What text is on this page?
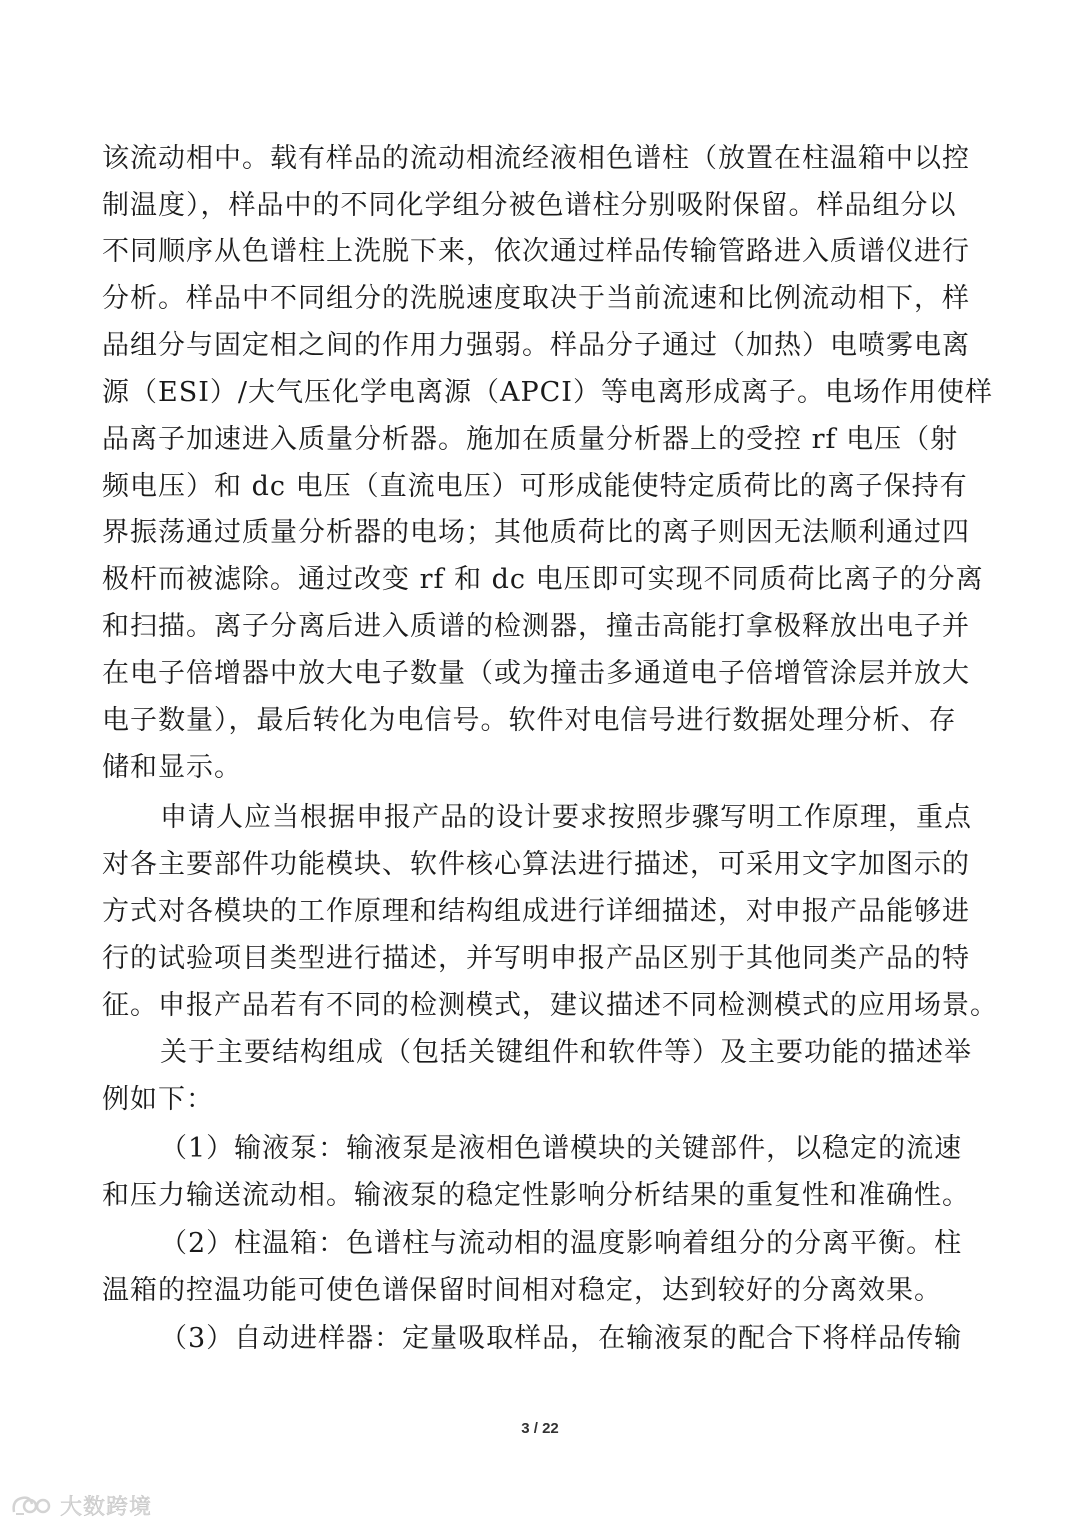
该流动相中。载有样品的流动相流经液相色谱柱（放置在柱温箱中以控
制温度），样品中的不同化学组分被色谱柱分别吸附保留。样品组分以
不同顺序从色谱柱上洗脱下来，依次通过样品传输管路进入质谱仪进行
分析。样品中不同组分的洗脱速度取决于当前流速和比例流动相下，样
品组分与固定相之间的作用力强弱。样品分子通过（加热）电喷雾电离
源（ESI）/大气压化学电离源（APCI）等电离形成离子。电场作用使样
品离子加速进入质量分析器。施加在质量分析器上的受控 rf 电压（射
频电压）和 dc 电压（直流电压）可形成能使特定质荷比的离子保持有
界振荡通过质量分析器的电场；其他质荷比的离子则因无法顺利通过四
极杆而被滤除。通过改变 rf 和 dc 电压即可实现不同质荷比离子的分离
和扫描。离子分离后进入质谱的检测器，撞击高能打拿极释放出电子并
在电子倍增器中放大电子数量（或为撞击多通道电子倍增管涂层并放大
电子数量），最后转化为电信号。软件对电信号进行数据处理分析、存
储和显示。
申请人应当根据申报产品的设计要求按照步骤写明工作原理，重点
对各主要部件功能模块、软件核心算法进行描述，可采用文字加图示的
方式对各模块的工作原理和结构组成进行详细描述，对申报产品能够进
行的试验项目类型进行描述，并写明申报产品区别于其他同类产品的特
征。申报产品若有不同的检测模式，建议描述不同检测模式的应用场景。
关于主要结构组成（包括关键组件和软件等）及主要功能的描述举
例如下：
（1）输液泵：输液泵是液相色谱模块的关键部件，以稳定的流速
和压力输送流动相。输液泵的稳定性影响分析结果的重复性和准确性。
（2）柱温箱：色谱柱与流动相的温度影响着组分的分离平衡。柱
温箱的控温功能可使色谱保留时间相对稳定，达到较好的分离效果。
（3）自动进样器：定量吸取样品，在输液泵的配合下将样品传输
3 / 22
大数跨境
